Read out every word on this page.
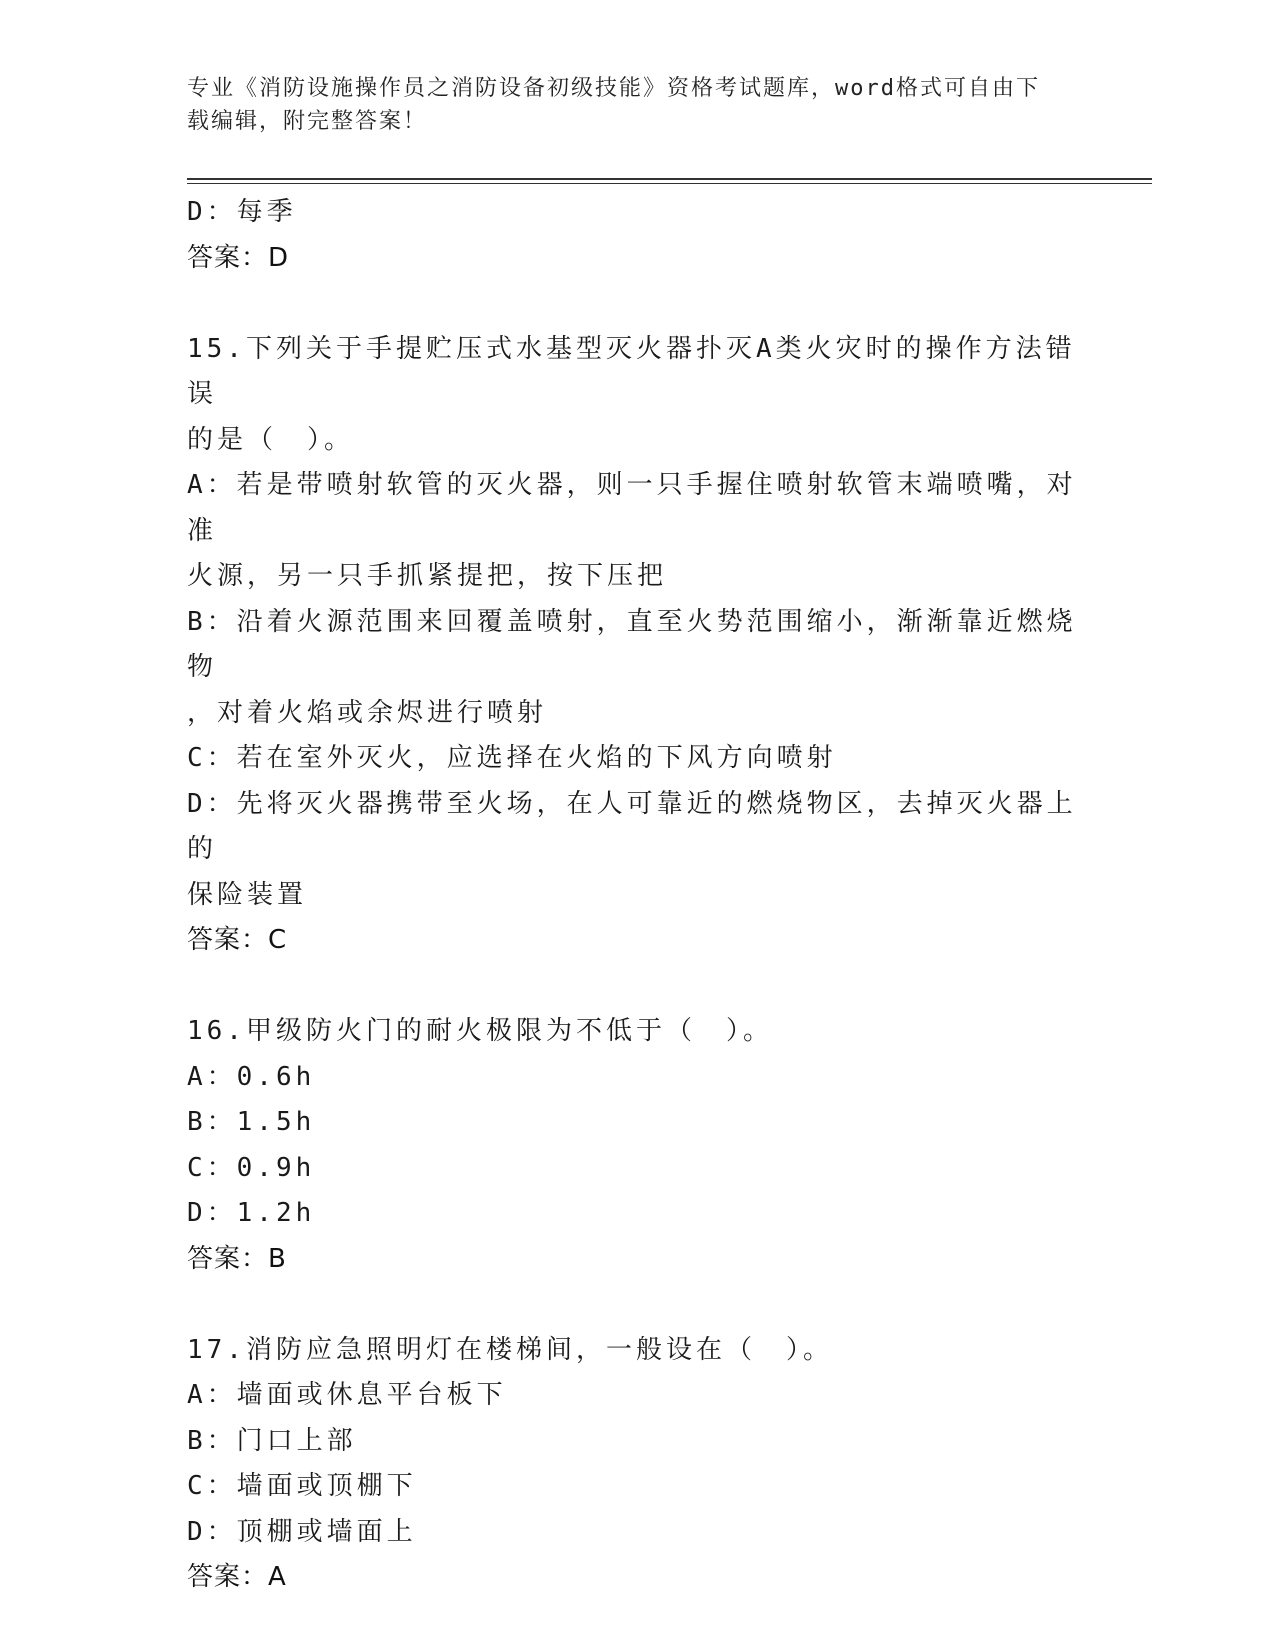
专业《消防设施操作员之消防设备初级技能》资格考试题库，word格式可自由下
载编辑，附完整答案！
D：每季
答案：D
15.下列关于手提贮压式水基型灭火器扑灭A类火灾时的操作方法错误
的是（　）。
A：若是带喷射软管的灭火器，则一只手握住喷射软管末端喷嘴，对准
火源，另一只手抓紧提把，按下压把
B：沿着火源范围来回覆盖喷射，直至火势范围缩小，渐渐靠近燃烧物
，对着火焰或余烬进行喷射
C：若在室外灭火，应选择在火焰的下风方向喷射
D：先将灭火器携带至火场，在人可靠近的燃烧物区，去掉灭火器上的
保险装置
答案：C
16.甲级防火门的耐火极限为不低于（　）。
A：0.6h
B：1.5h
C：0.9h
D：1.2h
答案：B
17.消防应急照明灯在楼梯间，一般设在（　）。
A：墙面或休息平台板下
B：门口上部
C：墙面或顶棚下
D：顶棚或墙面上
答案：A
